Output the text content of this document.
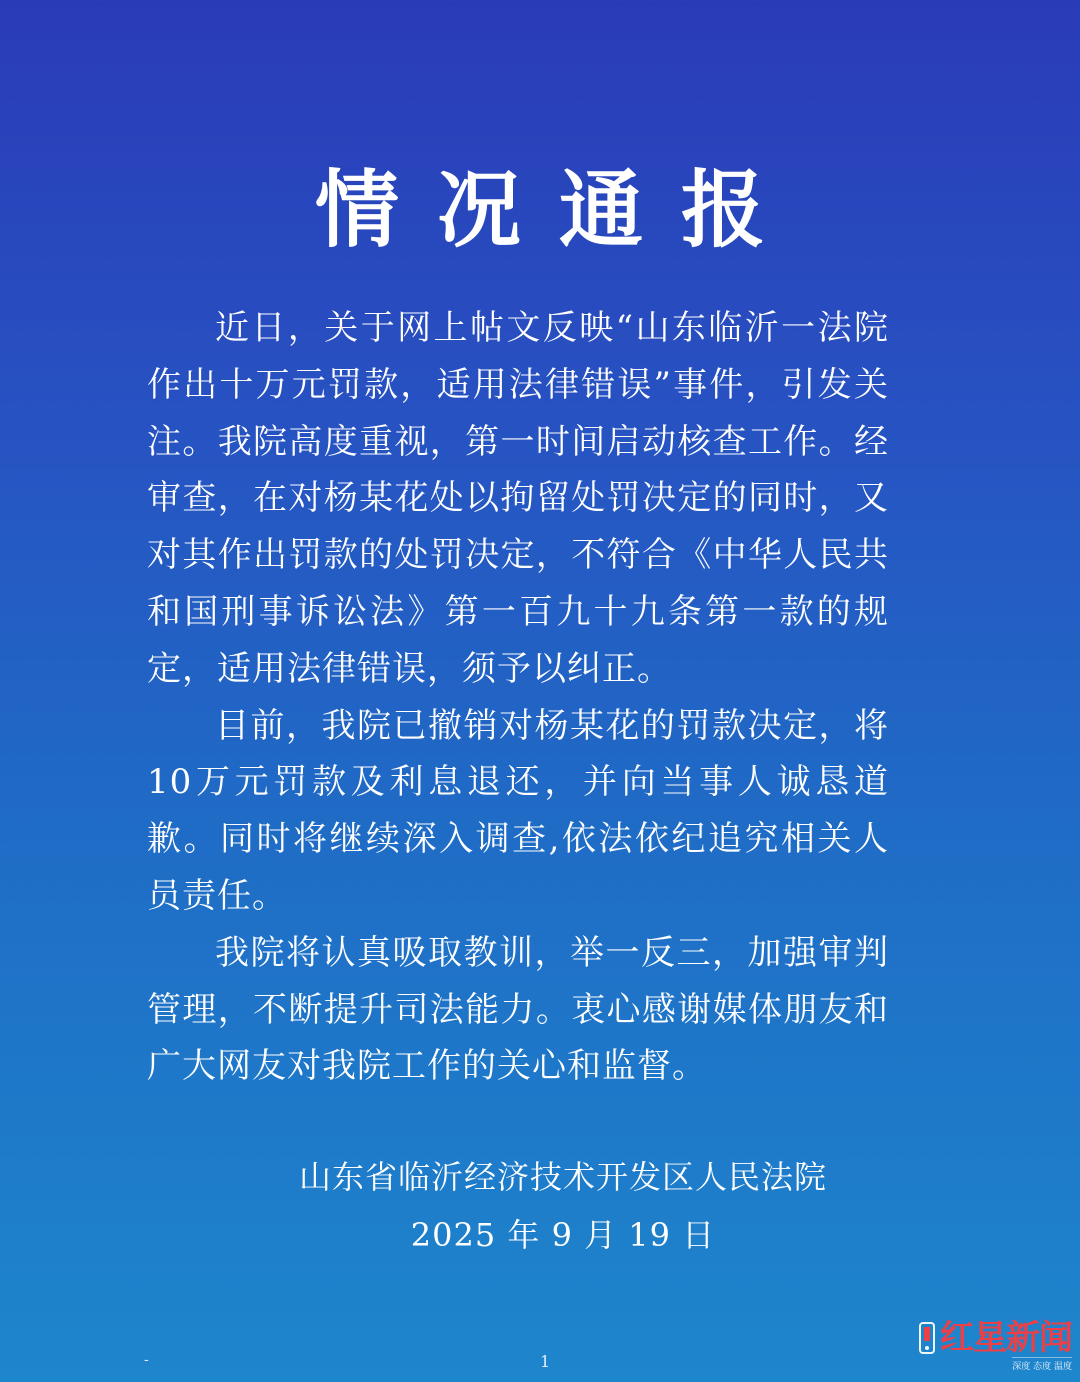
情况通报

近日，关于网上帖文反映“山东临沂一法院作出十万元罚款，适用法律错误”事件，引发关注。我院高度重视，第一时间启动核查工作。经审查，在对杨某花处以拘留处罚决定的同时，又对其作出罚款的处罚决定，不符合《中华人民共和国刑事诉讼法》第一百九十九条第一款的规定，适用法律错误，须予以纠正。

目前，我院已撤销对杨某花的罚款决定，将10万元罚款及利息退还，并向当事人诚恳道歉。同时将继续深入调查,依法依纪追究相关人员责任。

我院将认真吸取教训，举一反三，加强审判管理，不断提升司法能力。衷心感谢媒体朋友和广大网友对我院工作的关心和监督。

山东省临沂经济技术开发区人民法院
2025 年 9 月 19 日
-	1
红星新闻
深度 态度 温度
